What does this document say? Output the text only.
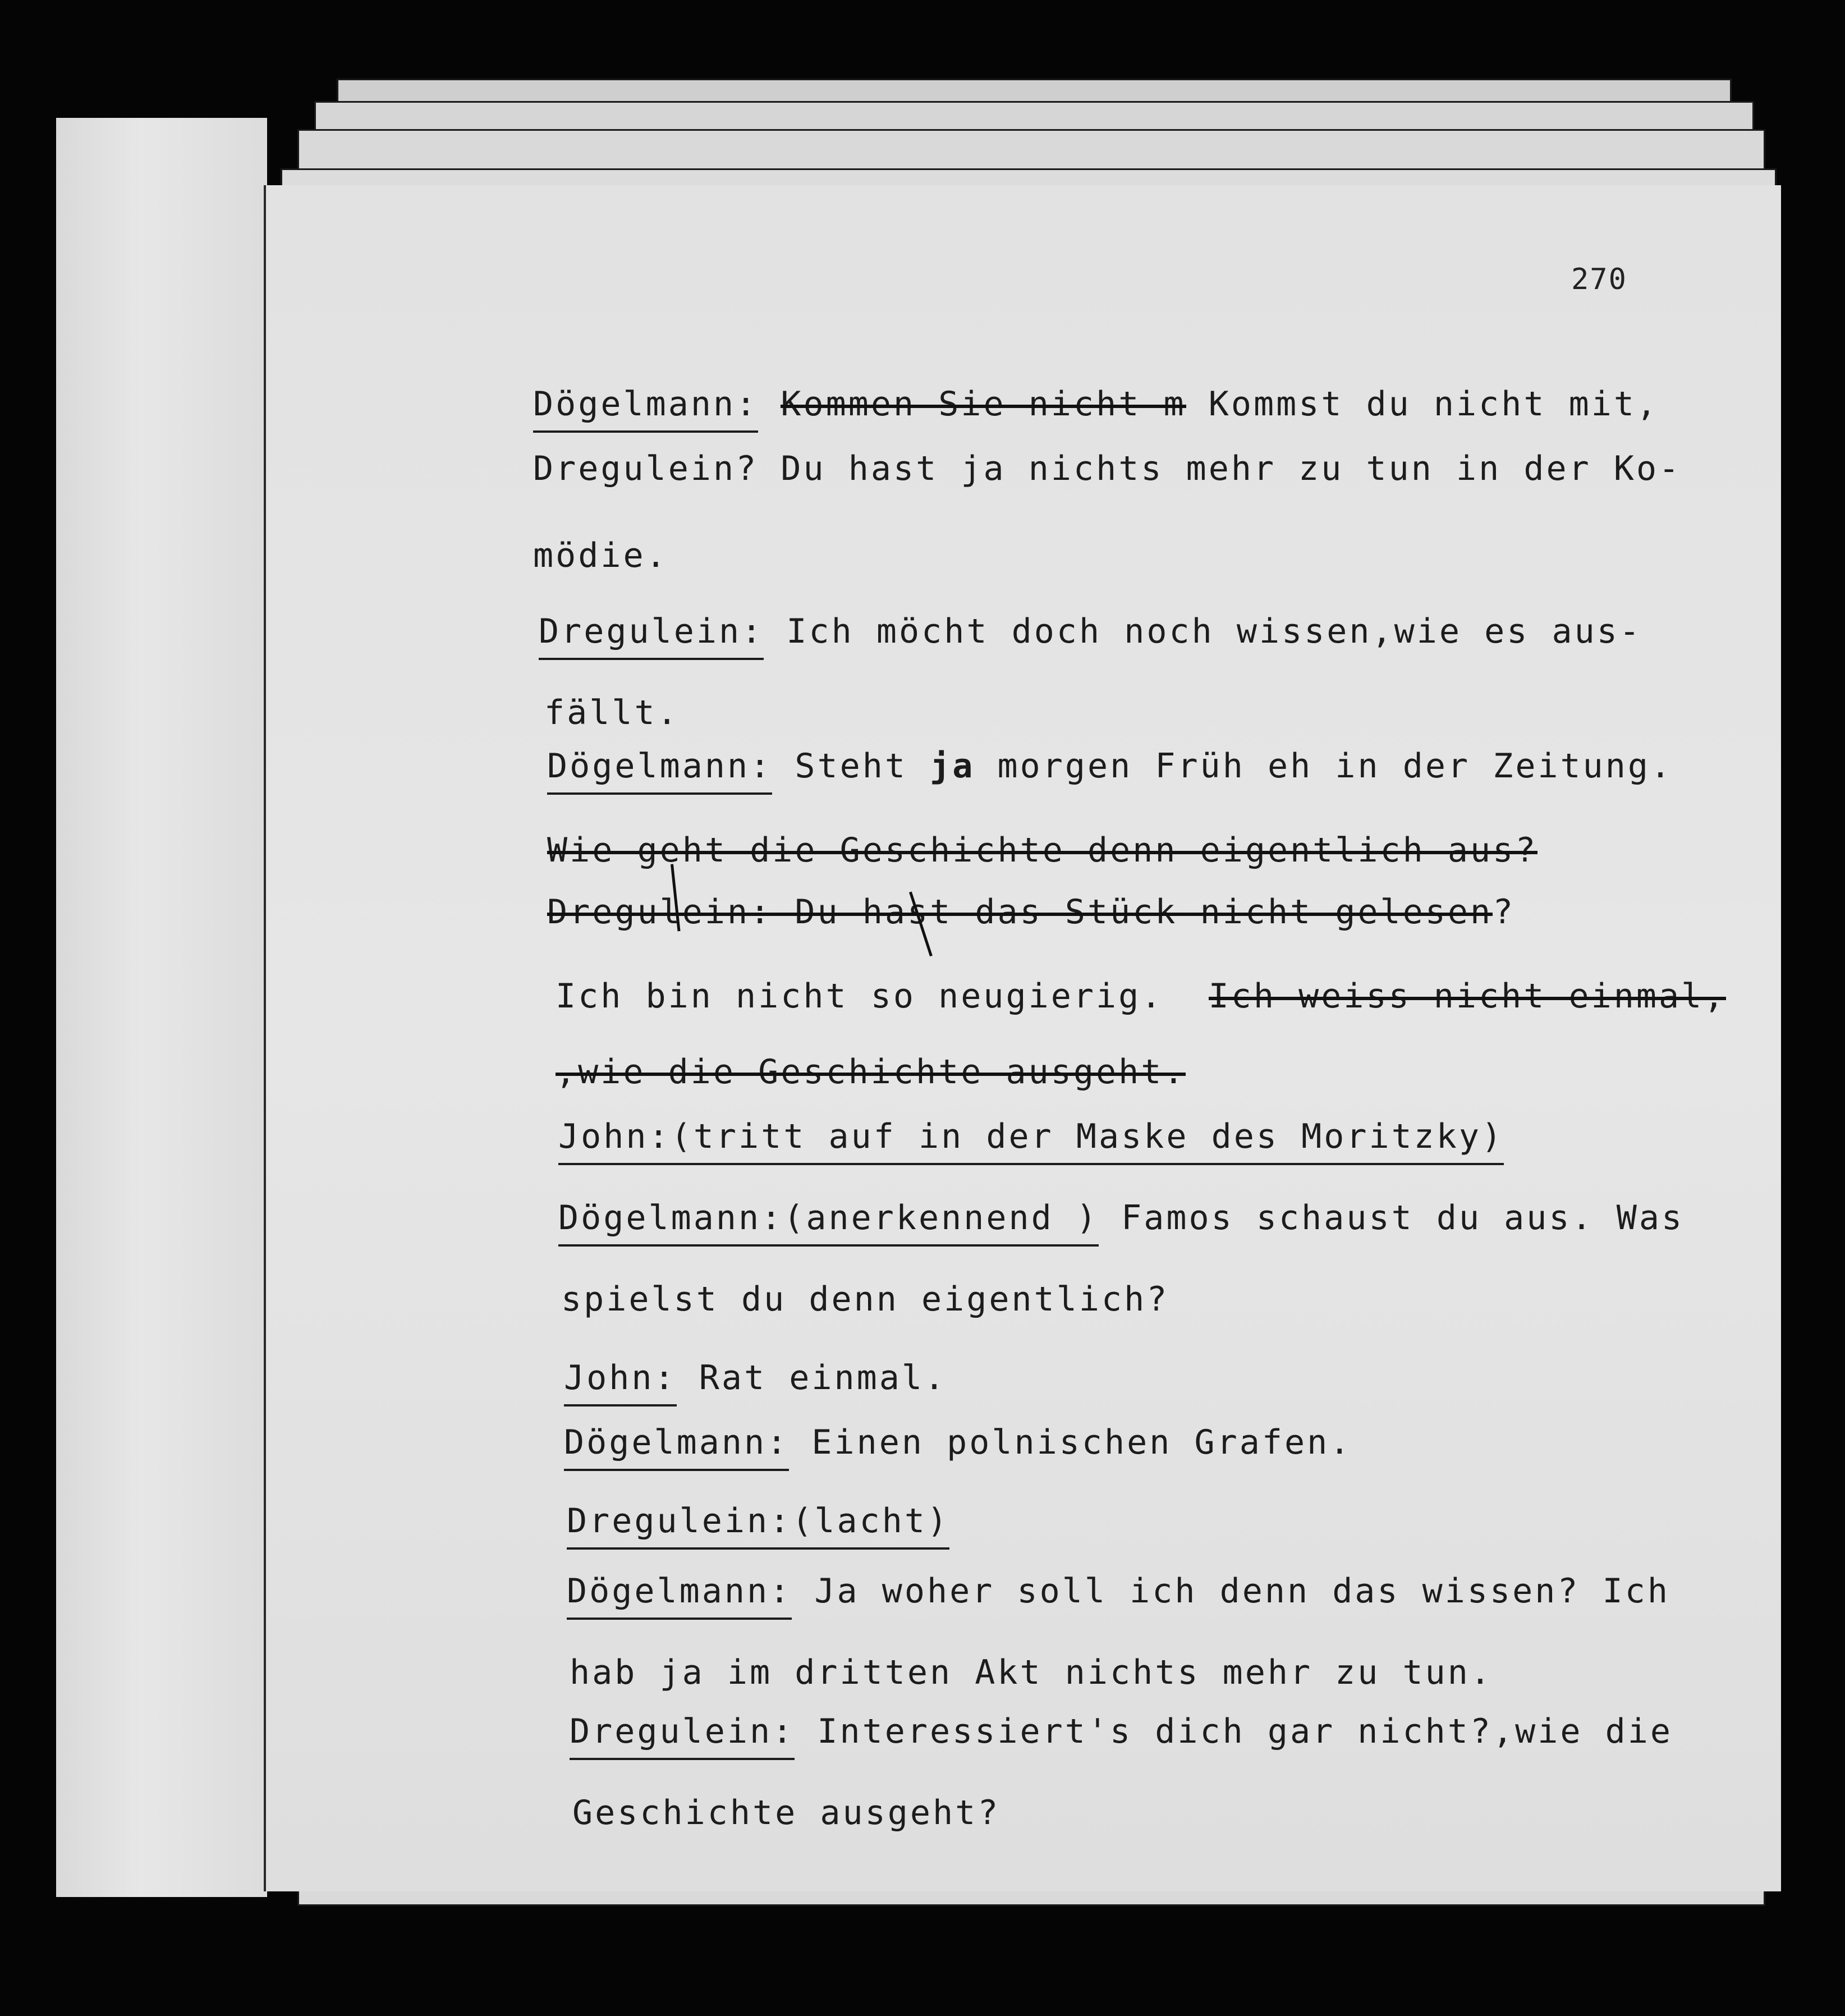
270
Dögelmann: Kommen Sie nicht m Kommst du nicht mit,
Dregulein? Du hast ja nichts mehr zu tun in der Ko-
mödie.
Dregulein: Ich möcht doch noch wissen,wie es aus-
fällt.
Dögelmann: Steht ja morgen Früh eh in der Zeitung.
Wie geht die Geschichte denn eigentlich aus?
Dregulein: Du hast das Stück nicht gelesen?
Ich bin nicht so neugierig.  Ich weiss nicht einmal,
,wie die Geschichte ausgeht.
John:(tritt auf in der Maske des Moritzky)
Dögelmann:(anerkennend ) Famos schaust du aus. Was
spielst du denn eigentlich?
John: Rat einmal.
Dögelmann: Einen polnischen Grafen.
Dregulein:(lacht)
Dögelmann: Ja woher soll ich denn das wissen? Ich
hab ja im dritten Akt nichts mehr zu tun.
Dregulein: Interessiert's dich gar nicht?,wie die
Geschichte ausgeht?
